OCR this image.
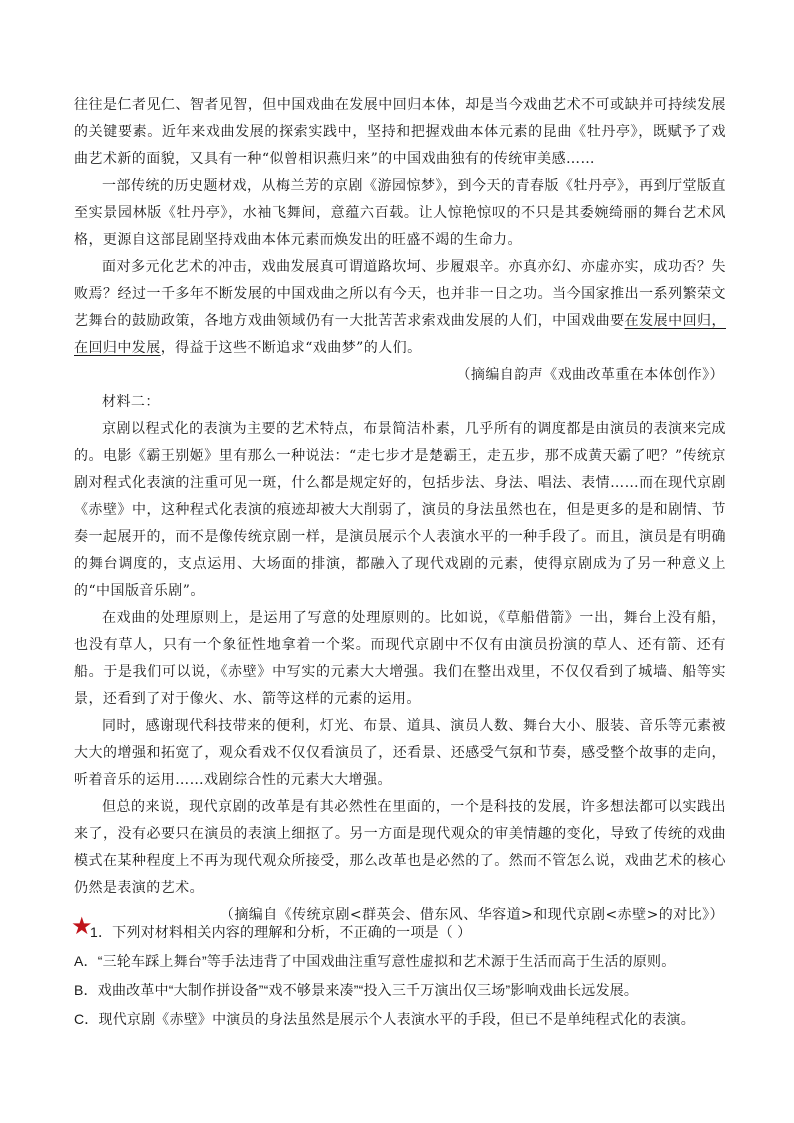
往往是仁者见仁、智者见智，但中国戏曲在发展中回归本体，却是当今戏曲艺术不可或缺并可持续发展的关键要素。近年来戏曲发展的探索实践中，坚持和把握戏曲本体元素的昆曲《牡丹亭》，既赋予了戏曲艺术新的面貌，又具有一种“似曾相识燕归来”的中国戏曲独有的传统审美感……

一部传统的历史题材戏，从梅兰芳的京剧《游园惊梦》，到今天的青春版《牡丹亭》，再到厅堂版直至实景园林版《牡丹亭》，水袖飞舞间，意蕴六百载。让人惊艳惊叹的不只是其委婉绮丽的舞台艺术风格，更源自这部昆剧坚持戏曲本体元素而焕发出的旺盛不竭的生命力。

面对多元化艺术的冲击，戏曲发展真可谓道路坎坷、步履艰辛。亦真亦幻、亦虚亦实，成功否？失败焉？经过一千多年不断发展的中国戏曲之所以有今天，也并非一日之功。当今国家推出一系列繁荣文艺舞台的鼓励政策，各地方戏曲领域仍有一大批苦苦求索戏曲发展的人们，中国戏曲要在发展中回归，在回归中发展，得益于这些不断追求“戏曲梦”的人们。

（摘编自韵声《戏曲改革重在本体创作》）

材料二：

京剧以程式化的表演为主要的艺术特点，布景简洁朴素，几乎所有的调度都是由演员的表演来完成的。电影《霸王别姬》里有那么一种说法：“走七步才是楚霸王，走五步，那不成黄天霸了吧？”传统京剧对程式化表演的注重可见一斑，什么都是规定好的，包括步法、身法、唱法、表情……而在现代京剧《赤壁》中，这种程式化表演的痕迹却被大大削弱了，演员的身法虽然也在，但是更多的是和剧情、节奏一起展开的，而不是像传统京剧一样，是演员展示个人表演水平的一种手段了。而且，演员是有明确的舞台调度的，支点运用、大场面的排演，都融入了现代戏剧的元素，使得京剧成为了另一种意义上的“中国版音乐剧”。

在戏曲的处理原则上，是运用了写意的处理原则的。比如说，《草船借箭》一出，舞台上没有船，也没有草人，只有一个象征性地拿着一个桨。而现代京剧中不仅有由演员扮演的草人、还有箭、还有船。于是我们可以说，《赤壁》中写实的元素大大增强。我们在整出戏里，不仅仅看到了城墙、船等实景，还看到了对于像火、水、箭等这样的元素的运用。

同时，感谢现代科技带来的便利，灯光、布景、道具、演员人数、舞台大小、服装、音乐等元素被大大的增强和拓宽了，观众看戏不仅仅看演员了，还看景、还感受气氛和节奏，感受整个故事的走向，听着音乐的运用……戏剧综合性的元素大大增强。

但总的来说，现代京剧的改革是有其必然性在里面的，一个是科技的发展，许多想法都可以实践出来了，没有必要只在演员的表演上细抠了。另一方面是现代观众的审美情趣的变化，导致了传统的戏曲模式在某种程度上不再为现代观众所接受，那么改革也是必然的了。然而不管怎么说，戏曲艺术的核心仍然是表演的艺术。

（摘编自《传统京剧<群英会、借东风、华容道>和现代京剧<赤壁>的对比》）

★
1．下列对材料相关内容的理解和分析，不正确的一项是（ ）

A．“三轮车踩上舞台”等手法违背了中国戏曲注重写意性虚拟和艺术源于生活而高于生活的原则。

B．戏曲改革中“大制作拼设备”“戏不够景来凑”“投入三千万演出仅三场”影响戏曲长远发展。

C．现代京剧《赤壁》中演员的身法虽然是展示个人表演水平的手段，但已不是单纯程式化的表演。
